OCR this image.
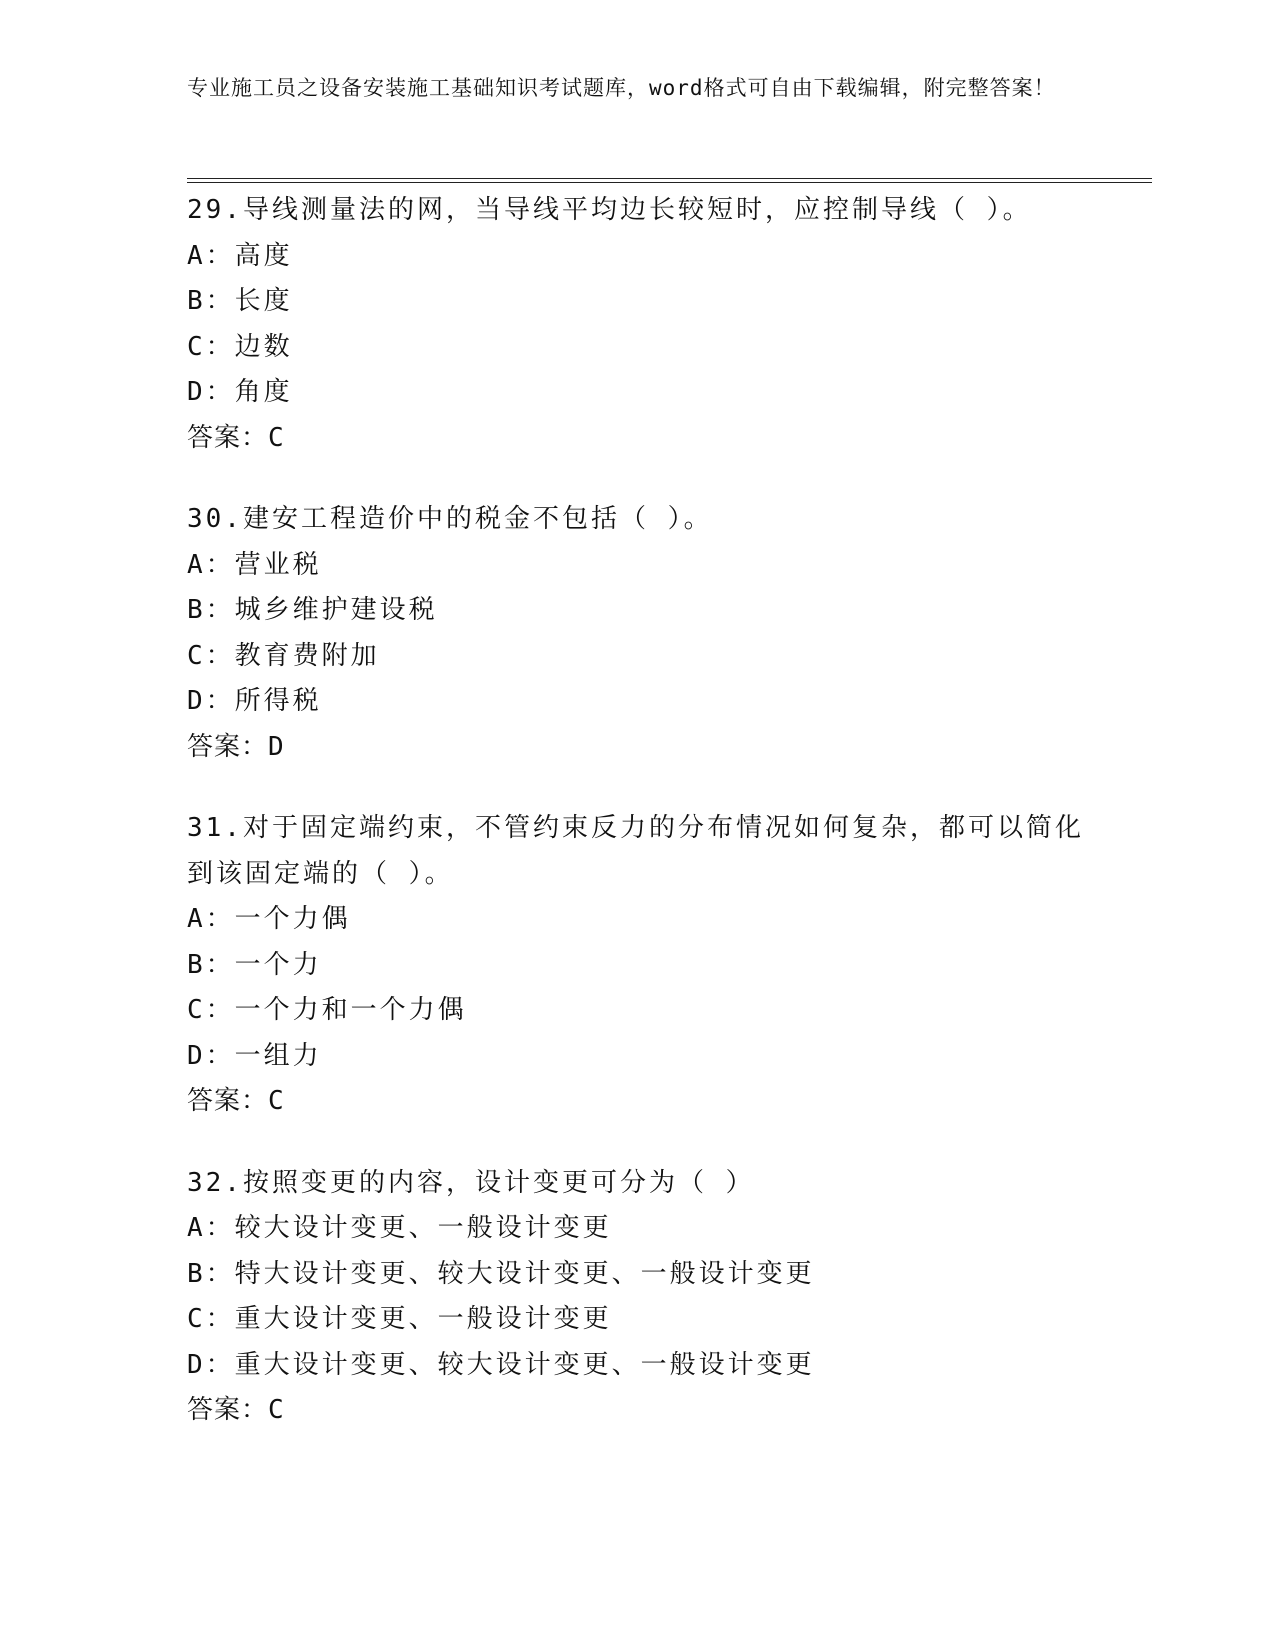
专业施工员之设备安装施工基础知识考试题库，word格式可自由下载编辑，附完整答案！
29.导线测量法的网，当导线平均边长较短时，应控制导线（ ）。
A：高度
B：长度
C：边数
D：角度
答案：C
30.建安工程造价中的税金不包括（ ）。
A：营业税
B：城乡维护建设税
C：教育费附加
D：所得税
答案：D
31.对于固定端约束，不管约束反力的分布情况如何复杂，都可以简化到该固定端的（ ）。
A：一个力偶
B：一个力
C：一个力和一个力偶
D：一组力
答案：C
32.按照变更的内容，设计变更可分为（ ）
A：较大设计变更、一般设计变更
B：特大设计变更、较大设计变更、一般设计变更
C：重大设计变更、一般设计变更
D：重大设计变更、较大设计变更、一般设计变更
答案：C
